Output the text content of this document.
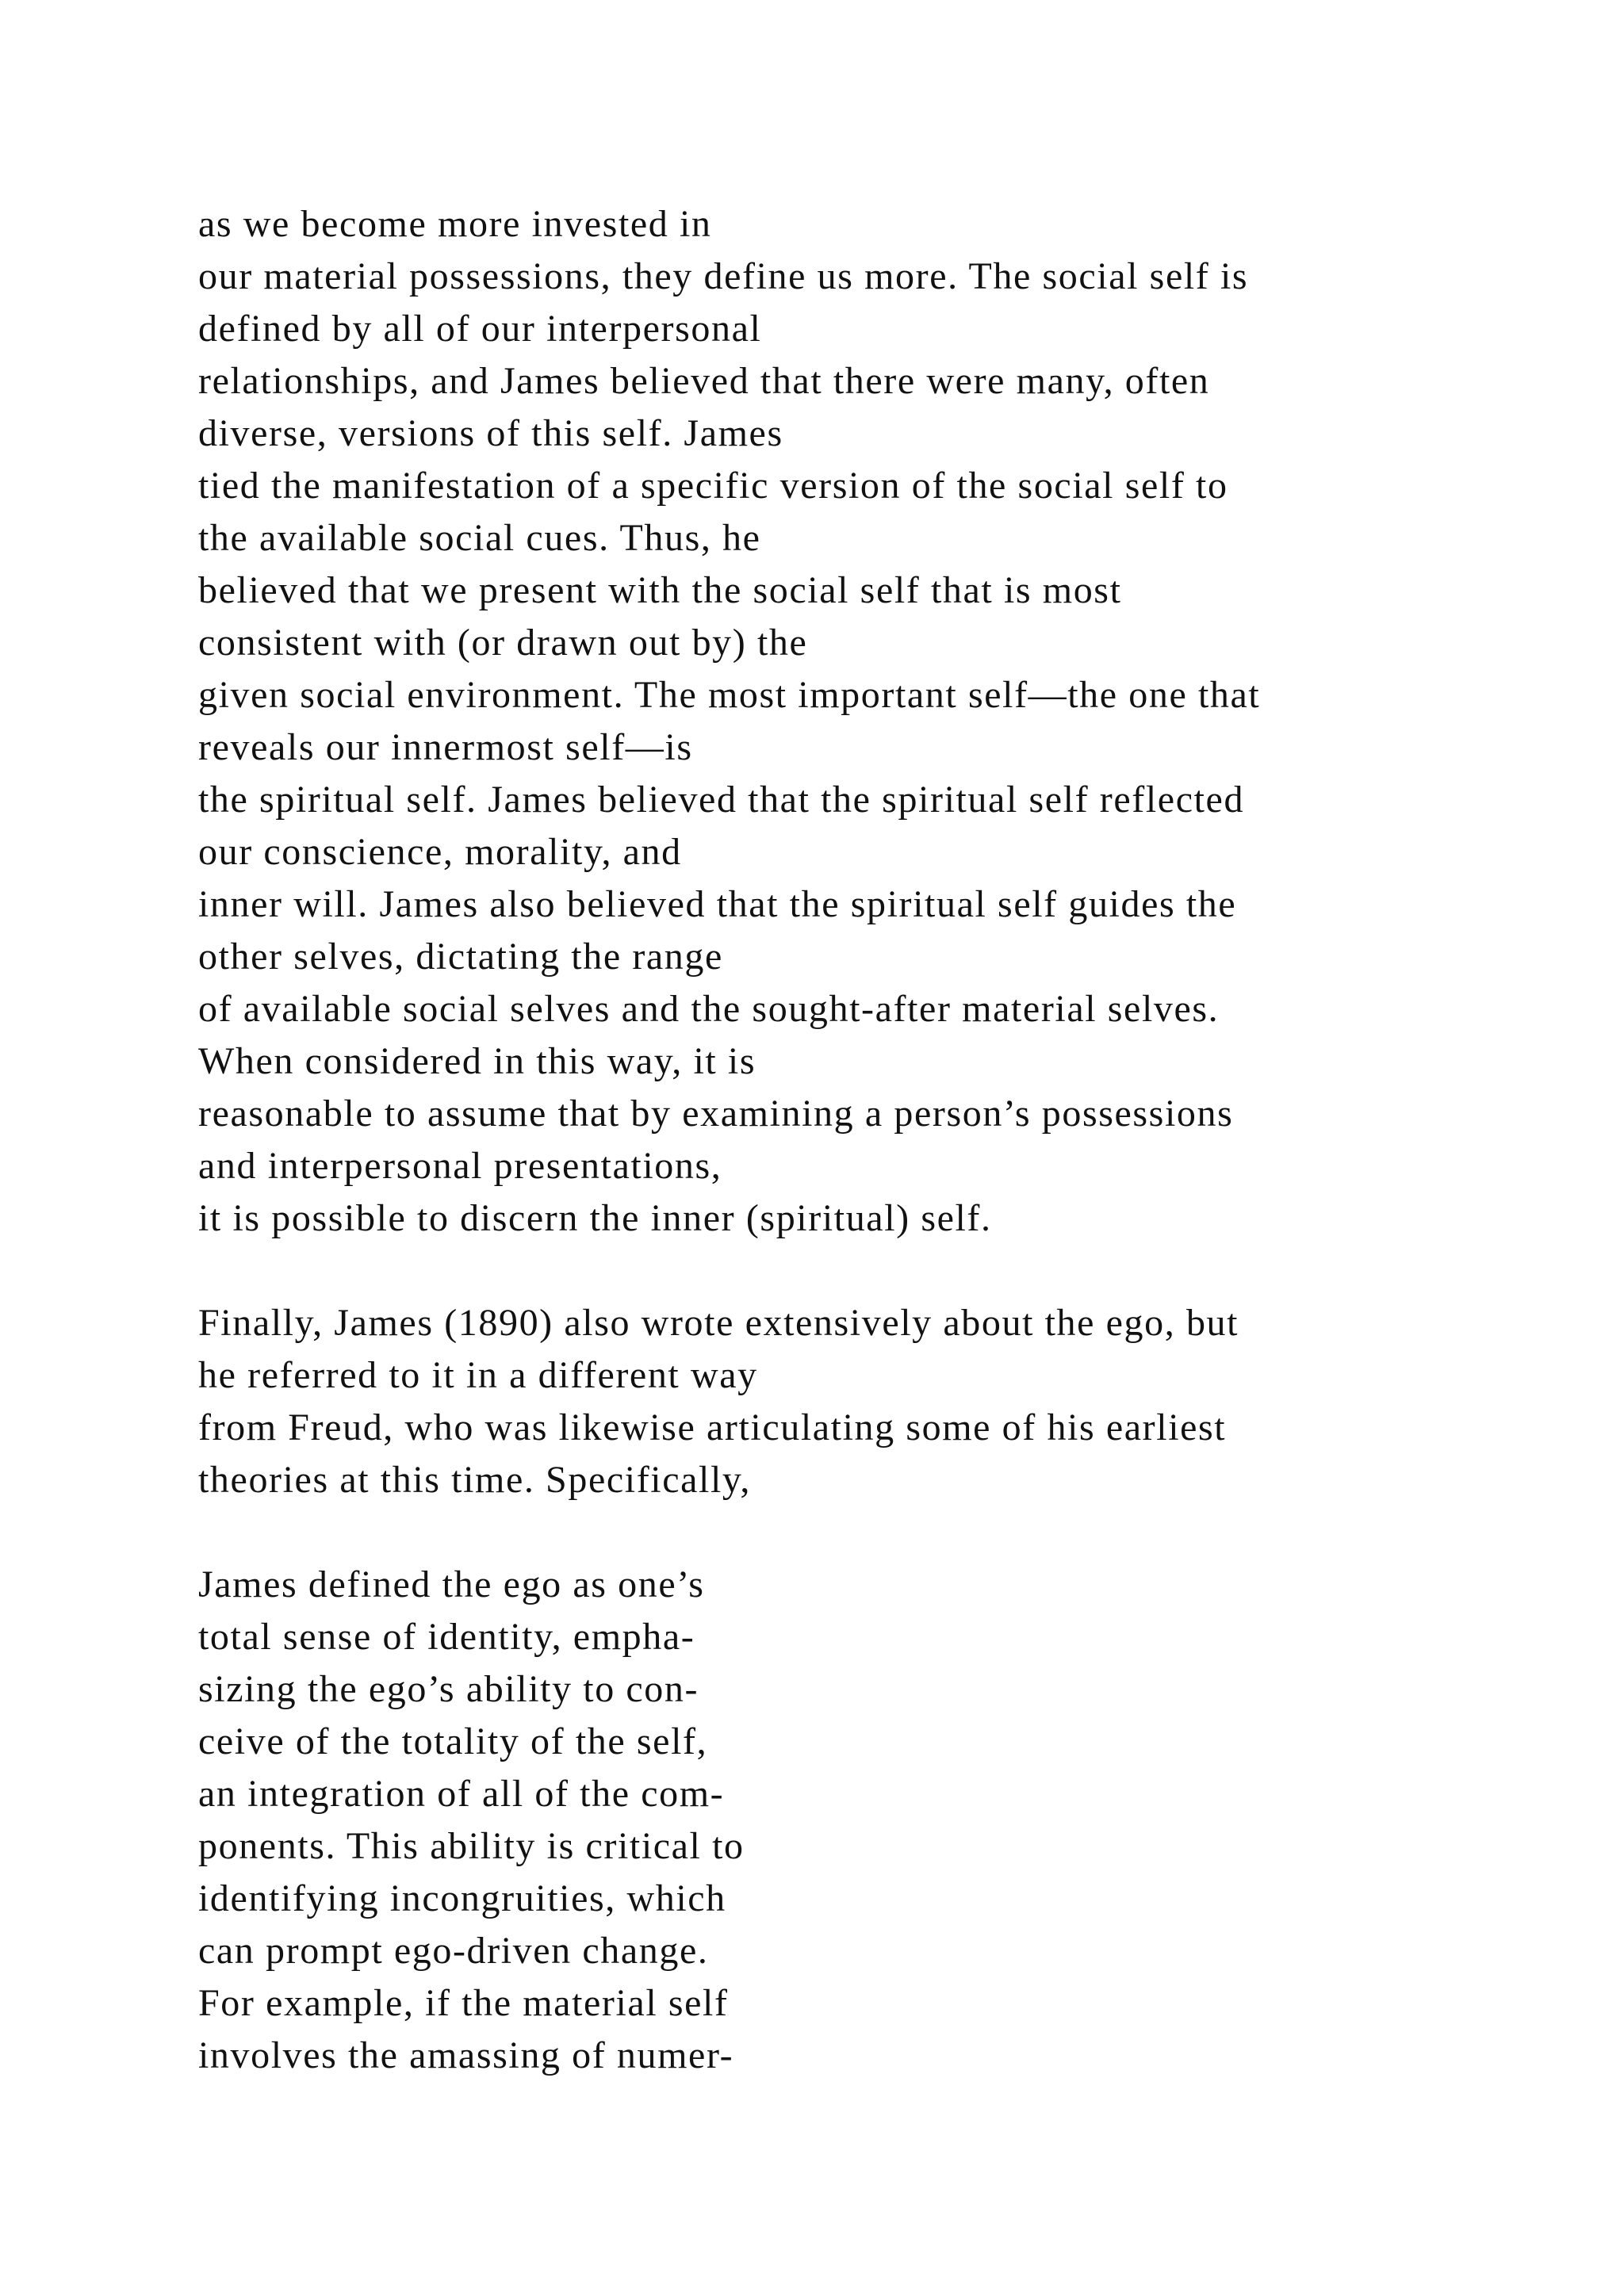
as we become more invested in
our material possessions, they define us more. The social self is
defined by all of our interpersonal
relationships, and James believed that there were many, often
diverse, versions of this self. James
tied the manifestation of a specific version of the social self to
the available social cues. Thus, he
believed that we present with the social self that is most
consistent with (or drawn out by) the
given social environment. The most important self—the one that
reveals our innermost self—is
the spiritual self. James believed that the spiritual self reflected
our conscience, morality, and
inner will. James also believed that the spiritual self guides the
other selves, dictating the range
of available social selves and the sought-after material selves.
When considered in this way, it is
reasonable to assume that by examining a person’s possessions
and interpersonal presentations,
it is possible to discern the inner (spiritual) self.
Finally, James (1890) also wrote extensively about the ego, but
he referred to it in a different way
from Freud, who was likewise articulating some of his earliest
theories at this time. Specifically,
James defined the ego as one’s
total sense of identity, empha-
sizing the ego’s ability to con-
ceive of the totality of the self,
an integration of all of the com-
ponents. This ability is critical to
identifying incongruities, which
can prompt ego-driven change.
For example, if the material self
involves the amassing of numer-
